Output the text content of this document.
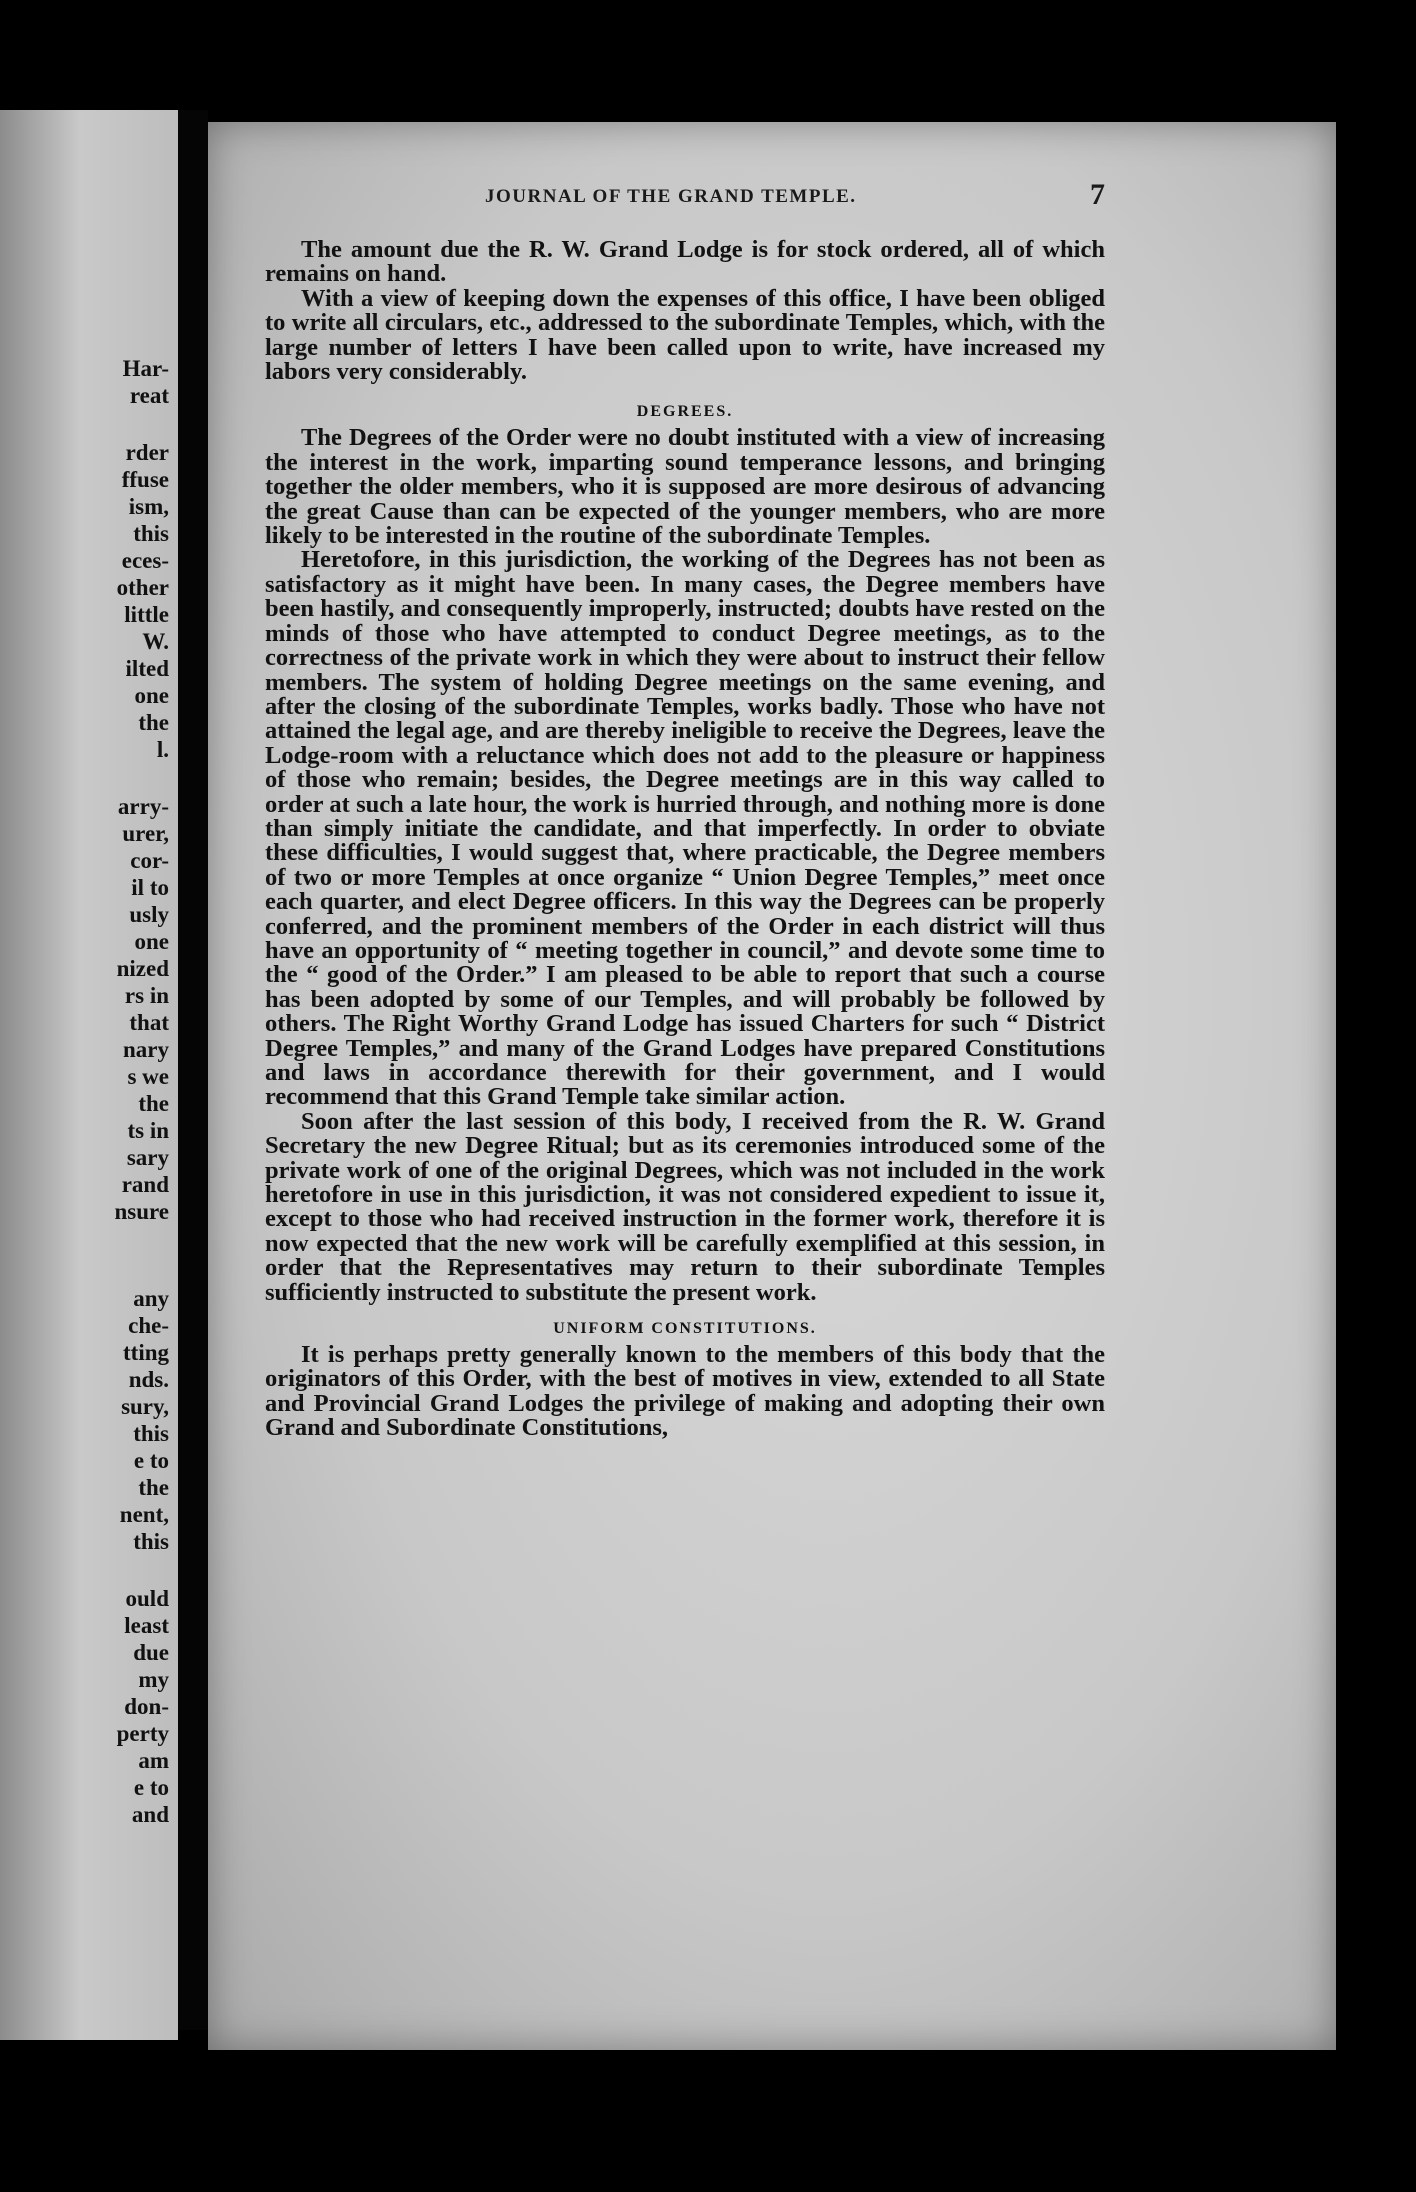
Har-
reat
rder
ffuse
ism,
this
eces-
other
little
W.
ilted
one
the
l.
arry-
urer,
cor-
il to
usly
one
nized
rs in
that
nary
s we
the
ts in
sary
rand
nsure
any
che-
tting
nds.
sury,
this
e to
the
nent,
this
ould
least
due
my
don-
perty
am
e to
and
JOURNAL OF THE GRAND TEMPLE.	7

The amount due the R. W. Grand Lodge is for stock ordered, all of which remains on hand.

With a view of keeping down the expenses of this office, I have been obliged to write all circulars, etc., addressed to the subordinate Temples, which, with the large number of letters I have been called upon to write, have increased my labors very considerably.

DEGREES.

The Degrees of the Order were no doubt instituted with a view of increasing the interest in the work, imparting sound temperance lessons, and bringing together the older members, who it is supposed are more desirous of advancing the great Cause than can be expected of the younger members, who are more likely to be interested in the routine of the subordinate Temples.

Heretofore, in this jurisdiction, the working of the Degrees has not been as satisfactory as it might have been. In many cases, the Degree members have been hastily, and consequently improperly, instructed; doubts have rested on the minds of those who have attempted to conduct Degree meetings, as to the correctness of the private work in which they were about to instruct their fellow members. The system of holding Degree meetings on the same evening, and after the closing of the subordinate Temples, works badly. Those who have not attained the legal age, and are thereby ineligible to receive the Degrees, leave the Lodge-room with a reluctance which does not add to the pleasure or happiness of those who remain; besides, the Degree meetings are in this way called to order at such a late hour, the work is hurried through, and nothing more is done than simply initiate the candidate, and that imperfectly. In order to obviate these difficulties, I would suggest that, where practicable, the Degree members of two or more Temples at once organize “ Union Degree Temples,” meet once each quarter, and elect Degree officers. In this way the Degrees can be properly conferred, and the prominent members of the Order in each district will thus have an opportunity of “ meeting together in council,” and devote some time to the “ good of the Order.” I am pleased to be able to report that such a course has been adopted by some of our Temples, and will probably be followed by others. The Right Worthy Grand Lodge has issued Charters for such “ District Degree Temples,” and many of the Grand Lodges have prepared Constitutions and laws in accordance therewith for their government, and I would recommend that this Grand Temple take similar action.

Soon after the last session of this body, I received from the R. W. Grand Secretary the new Degree Ritual; but as its ceremonies introduced some of the private work of one of the original Degrees, which was not included in the work heretofore in use in this jurisdiction, it was not considered expedient to issue it, except to those who had received instruction in the former work, therefore it is now expected that the new work will be carefully exemplified at this session, in order that the Representatives may return to their subordinate Temples sufficiently instructed to substitute the present work.

UNIFORM CONSTITUTIONS.

It is perhaps pretty generally known to the members of this body that the originators of this Order, with the best of motives in view, extended to all State and Provincial Grand Lodges the privilege of making and adopting their own Grand and Subordinate Constitutions,
